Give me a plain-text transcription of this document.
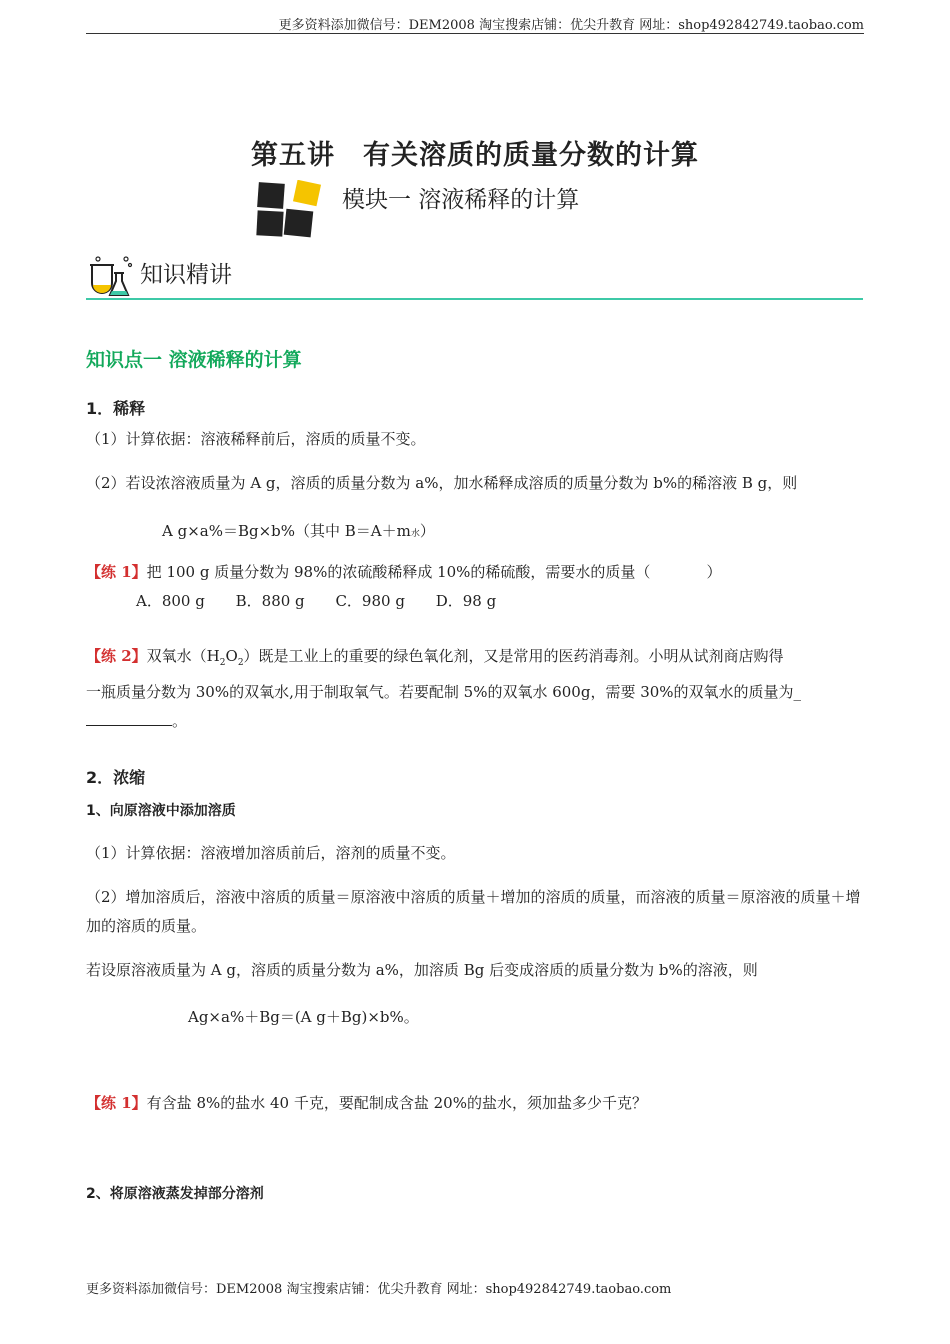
更多资料添加微信号：DEM2008 淘宝搜索店铺：优尖升教育 网址：shop492842749.taobao.com
第五讲　有关溶质的质量分数的计算
模块一 溶液稀释的计算
知识精讲
知识点一 溶液稀释的计算
1．稀释
（1）计算依据：溶液稀释前后，溶质的质量不变。
（2）若设浓溶液质量为 A g，溶质的质量分数为 a%，加水稀释成溶质的质量分数为 b%的稀溶液 B g，则
A g×a%＝Bg×b%（其中 B＝A＋m水）
【练 1】把 100 g 质量分数为 98%的浓硫酸稀释成 10%的稀硫酸，需要水的质量（	）
A．800 g B．880 g C．980 g D．98 g
【练 2】双氧水$(H_2O_2)$既是工业上的重要的绿色氧化剂，又是常用的医药消毒剂。小明从试剂商店购得
一瓶质量分数为 30%的双氧水,用于制取氧气。若要配制 5%的双氧水 600g，需要 30%的双氧水的质量为_
。
2．浓缩
1、向原溶液中添加溶质
（1）计算依据：溶液增加溶质前后，溶剂的质量不变。
（2）增加溶质后，溶液中溶质的质量＝原溶液中溶质的质量＋增加的溶质的质量，而溶液的质量＝原溶液的质量＋增加的溶质的质量。
若设原溶液质量为 A g，溶质的质量分数为 a%，加溶质 Bg 后变成溶质的质量分数为 b%的溶液，则
Ag×a%＋Bg＝(A g＋Bg)×b%。
【练 1】有含盐 8%的盐水 40 千克，要配制成含盐 20%的盐水，须加盐多少千克？
2、将原溶液蒸发掉部分溶剂
更多资料添加微信号：DEM2008 淘宝搜索店铺：优尖升教育 网址：shop492842749.taobao.com
